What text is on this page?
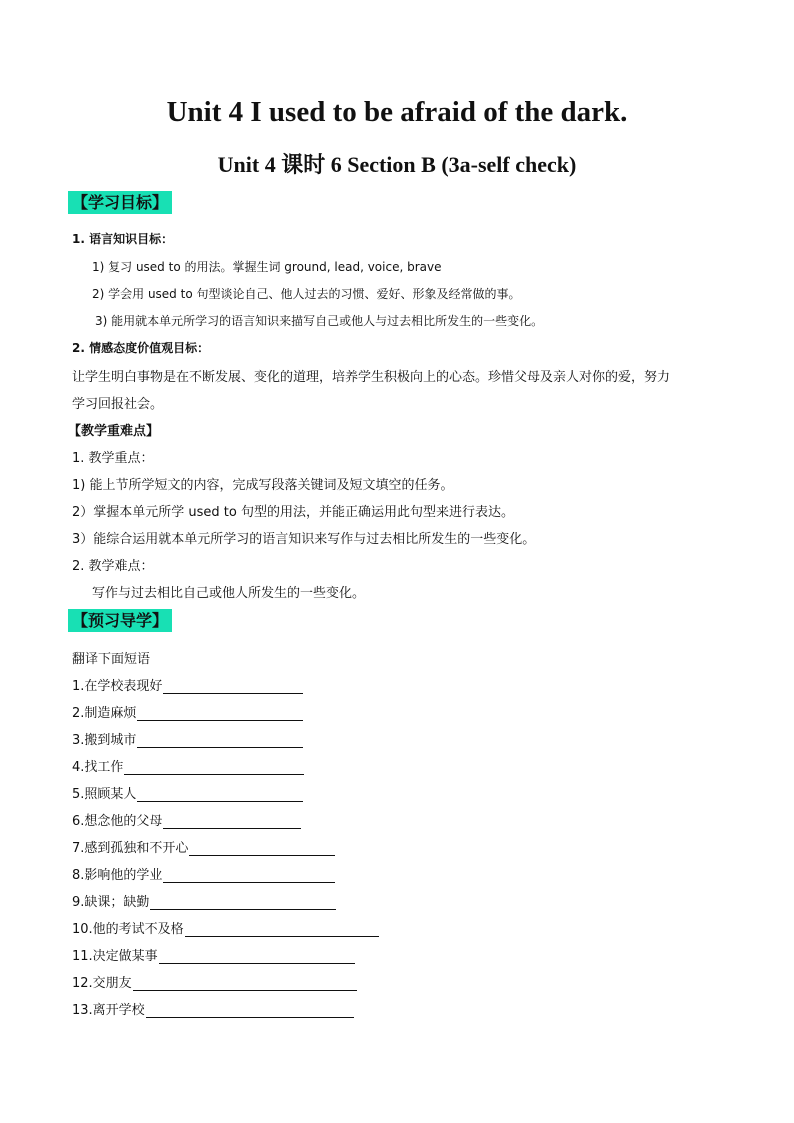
Unit 4 I used to be afraid of the dark.
Unit 4 课时 6 Section B (3a-self check)
【学习目标】
1. 语言知识目标：
1) 复习 used to 的用法。掌握生词 ground, lead, voice, brave
2) 学会用 used to 句型谈论自己、他人过去的习惯、爱好、形象及经常做的事。
3) 能用就本单元所学习的语言知识来描写自己或他人与过去相比所发生的一些变化。
2. 情感态度价值观目标：
让学生明白事物是在不断发展、变化的道理，培养学生积极向上的心态。珍惜父母及亲人对你的爱，努力
学习回报社会。
【教学重难点】
1. 教学重点：
1) 能上节所学短文的内容，完成写段落关键词及短文填空的任务。
2）掌握本单元所学 used to 句型的用法，并能正确运用此句型来进行表达。
3）能综合运用就本单元所学习的语言知识来写作与过去相比所发生的一些变化。
2. 教学难点：
写作与过去相比自己或他人所发生的一些变化。
【预习导学】
翻译下面短语
1.在学校表现好
2.制造麻烦
3.搬到城市
4.找工作
5.照顾某人
6.想念他的父母
7.感到孤独和不开心
8.影响他的学业
9.缺课；缺勤
10.他的考试不及格
11.决定做某事
12.交朋友
13.离开学校
